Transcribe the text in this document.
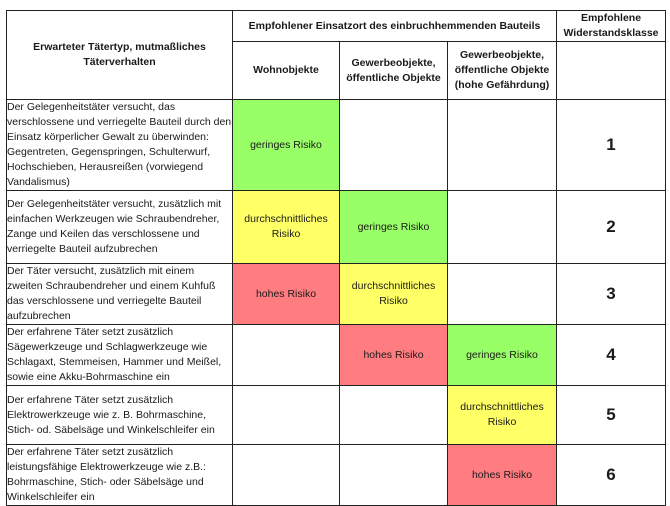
Erwarteter Tätertyp, mutmaßliches Täterverhalten	Empfohlener Einsatzort des einbruchhemmenden Bauteils			Empfohlene Widerstandsklasse
	Wohnobjekte	Gewerbeobjekte, öffentliche Objekte	Gewerbeobjekte, öffentliche Objekte (hohe Gefährdung)	
Der Gelegenheitstäter versucht, das verschlossene und verriegelte Bauteil durch den Einsatz körperlicher Gewalt zu überwinden: Gegentreten, Gegenspringen, Schulterwurf, Hochschieben, Herausreißen (vorwiegend Vandalismus)	geringes Risiko			1
Der Gelegenheitstäter versucht, zusätzlich mit einfachen Werkzeugen wie Schraubendreher, Zange und Keilen das verschlossene und verriegelte Bauteil aufzubrechen	durchschnittliches Risiko	geringes Risiko		2
Der Täter versucht, zusätzlich mit einem zweiten Schraubendreher und einem Kuhfuß das verschlossene und verriegelte Bauteil aufzubrechen	hohes Risiko	durchschnittliches Risiko		3
Der erfahrene Täter setzt zusätzlich Sägewerkzeuge und Schlagwerkzeuge wie Schlagaxt, Stemmeisen, Hammer und Meißel, sowie eine Akku-Bohrmaschine ein		hohes Risiko	geringes Risiko	4
Der erfahrene Täter setzt zusätzlich Elektrowerkzeuge wie z. B. Bohrmaschine, Stich- od. Säbelsäge und Winkelschleifer ein			durchschnittliches Risiko	5
Der erfahrene Täter setzt zusätzlich leistungsfähige Elektrowerkzeuge wie z.B.: Bohrmaschine, Stich- oder Säbelsäge und Winkelschleifer ein			hohes Risiko	6
